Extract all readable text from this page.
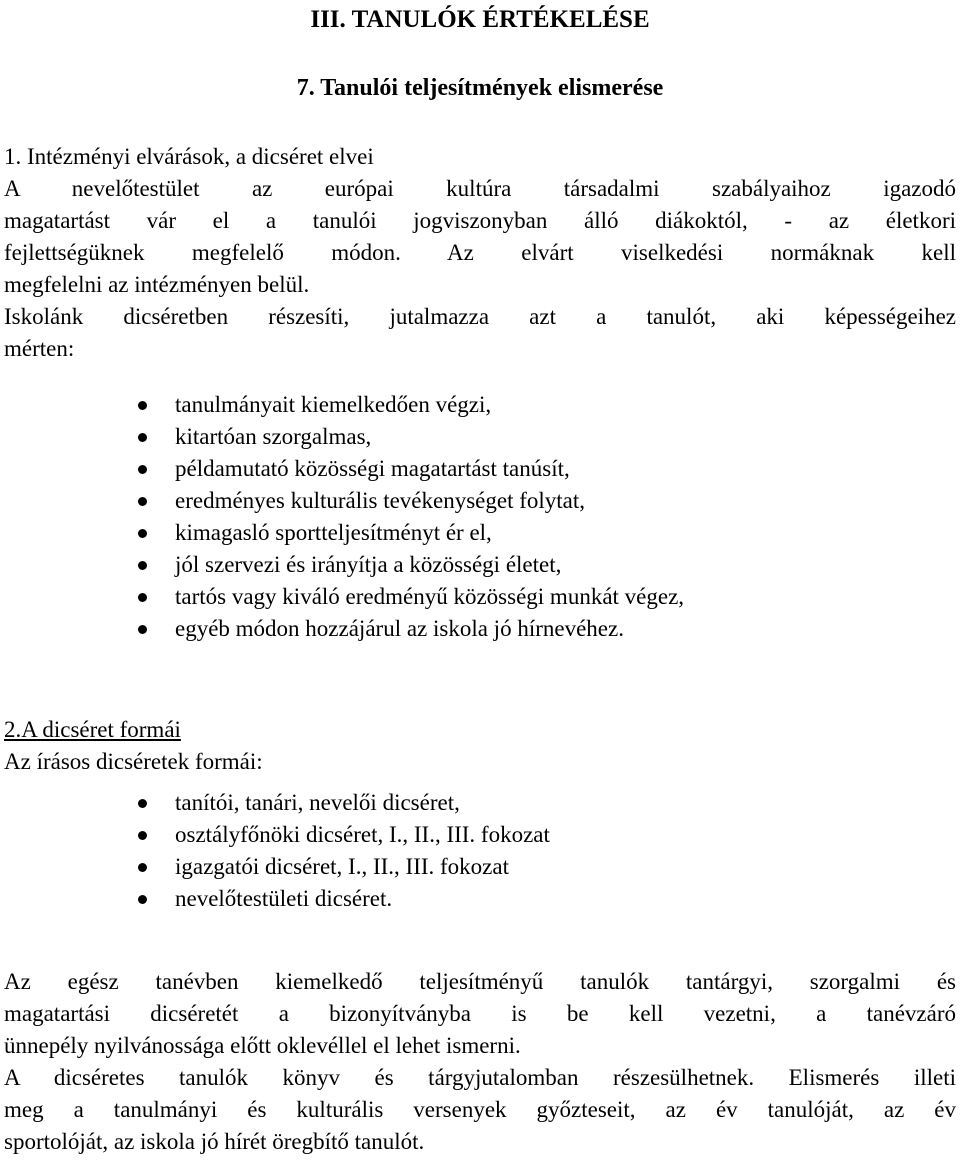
III. TANULÓK ÉRTÉKELÉSE
7. Tanulói teljesítmények elismerése
1. Intézményi elvárások, a dicséret elvei
A nevelőtestület az európai kultúra társadalmi szabályaihoz igazodó
magatartást vár el a tanulói jogviszonyban álló diákoktól, - az életkori
fejlettségüknek megfelelő módon. Az elvárt viselkedési normáknak kell
megfelelni az intézményen belül.
Iskolánk dicséretben részesíti, jutalmazza azt a tanulót, aki képességeihez
mérten:
tanulmányait kiemelkedően végzi,
kitartóan szorgalmas,
példamutató közösségi magatartást tanúsít,
eredményes kulturális tevékenységet folytat,
kimagasló sportteljesítményt ér el,
jól szervezi és irányítja a közösségi életet,
tartós vagy kiváló eredményű közösségi munkát végez,
egyéb módon hozzájárul az iskola jó hírnevéhez.
2.A dicséret formái
Az írásos dicséretek formái:
tanítói, tanári, nevelői dicséret,
osztályfőnöki dicséret, I., II., III. fokozat
igazgatói dicséret, I., II., III. fokozat
nevelőtestületi dicséret.
Az egész tanévben kiemelkedő teljesítményű tanulók tantárgyi, szorgalmi és
magatartási dicséretét a bizonyítványba is be kell vezetni, a tanévzáró
ünnepély nyilvánossága előtt oklevéllel el lehet ismerni.
A dicséretes tanulók könyv és tárgyjutalomban részesülhetnek. Elismerés illeti
meg a tanulmányi és kulturális versenyek győzteseit, az év tanulóját, az év
sportolóját, az iskola jó hírét öregbítő tanulót.
